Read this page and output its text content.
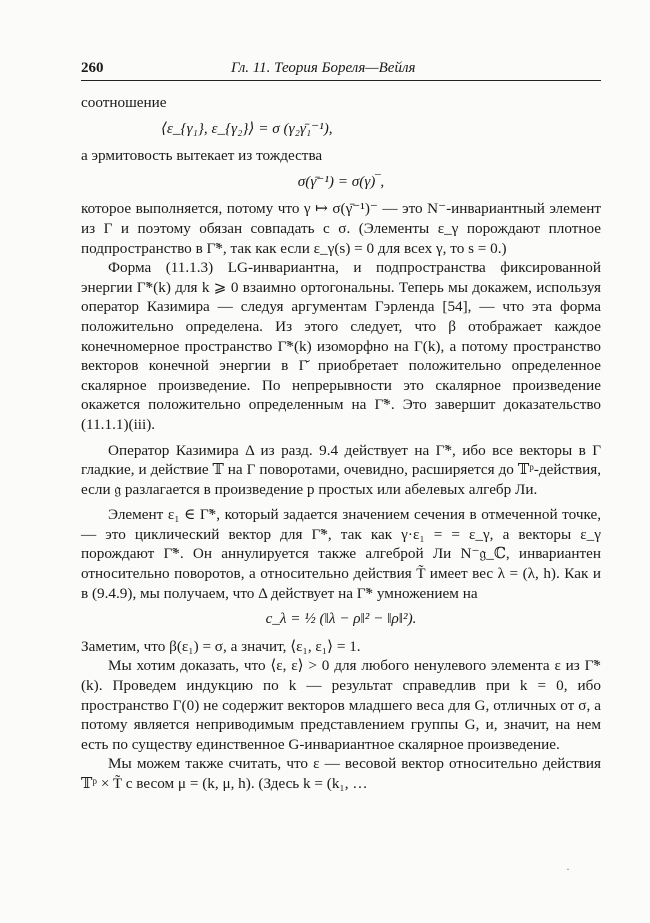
260	Гл. 11. Теория Бореля—Вейля

соотношение

⟨ε_{γ₁}, ε_{γ₂}⟩ = σ (γ₂γ̄₁⁻¹),

а эрмитовость вытекает из тождества

σ(γ̄⁻¹) = σ(γ)‾,

которое выполняется, потому что γ ↦ σ(γ̄⁻¹)⁻ — это N⁻-инвариантный элемент из Γ и поэтому обязан совпадать с σ. (Элементы ε_γ порождают плотное подпространство в Γ̃*, так как если ε_γ(s) = 0 для всех γ, то s = 0.)

Форма (11.1.3) LG-инвариантна, и подпространства фиксированной энергии Γ̃*(k) для k ⩾ 0 взаимно ортогональны. Теперь мы докажем, используя оператор Казимира — следуя аргументам Гэрленда [54], — что эта форма положительно определена. Из этого следует, что β отображает каждое конечномерное пространство Γ̃*(k) изоморфно на Γ(k), а потому пространство векторов конечной энергии в Γ̆ приобретает положительно определенное скалярное произведение. По непрерывности это скалярное произведение окажется положительно определенным на Γ̃*. Это завершит доказательство (11.1.1)(iii).

Оператор Казимира Δ из разд. 9.4 действует на Γ̃*, ибо все векторы в Γ гладкие, и действие 𝕋 на Γ поворотами, очевидно, расширяется до 𝕋ᵖ-действия, если 𝔤 разлагается в произведение p простых или абелевых алгебр Ли.

Элемент ε₁ ∈ Γ̃*, который задается значением сечения в отмеченной точке, — это циклический вектор для Γ̃*, так как γ·ε₁ = = ε_γ, а векторы ε_γ порождают Γ̃*. Он аннулируется также алгеброй Ли N⁻𝔤_ℂ, инвариантен относительно поворотов, а относительно действия T̃ имеет вес λ = (λ, h). Как и в (9.4.9), мы получаем, что Δ действует на Γ̃* умножением на

c_λ = ½ (‖λ − ρ‖² − ‖ρ‖²).

Заметим, что β(ε₁) = σ, а значит, ⟨ε₁, ε₁⟩ = 1.

Мы хотим доказать, что ⟨ε, ε⟩ > 0 для любого ненулевого элемента ε из Γ̃*(k). Проведем индукцию по k — результат справедлив при k = 0, ибо пространство Γ(0) не содержит векторов младшего веса для G, отличных от σ, а потому является неприводимым представлением группы G, и, значит, на нем есть по существу единственное G-инвариантное скалярное произведение.

Мы можем также считать, что ε — весовой вектор относительно действия 𝕋ᵖ × T̃ с весом μ = (k, μ, h). (Здесь k = (k₁, …

·
